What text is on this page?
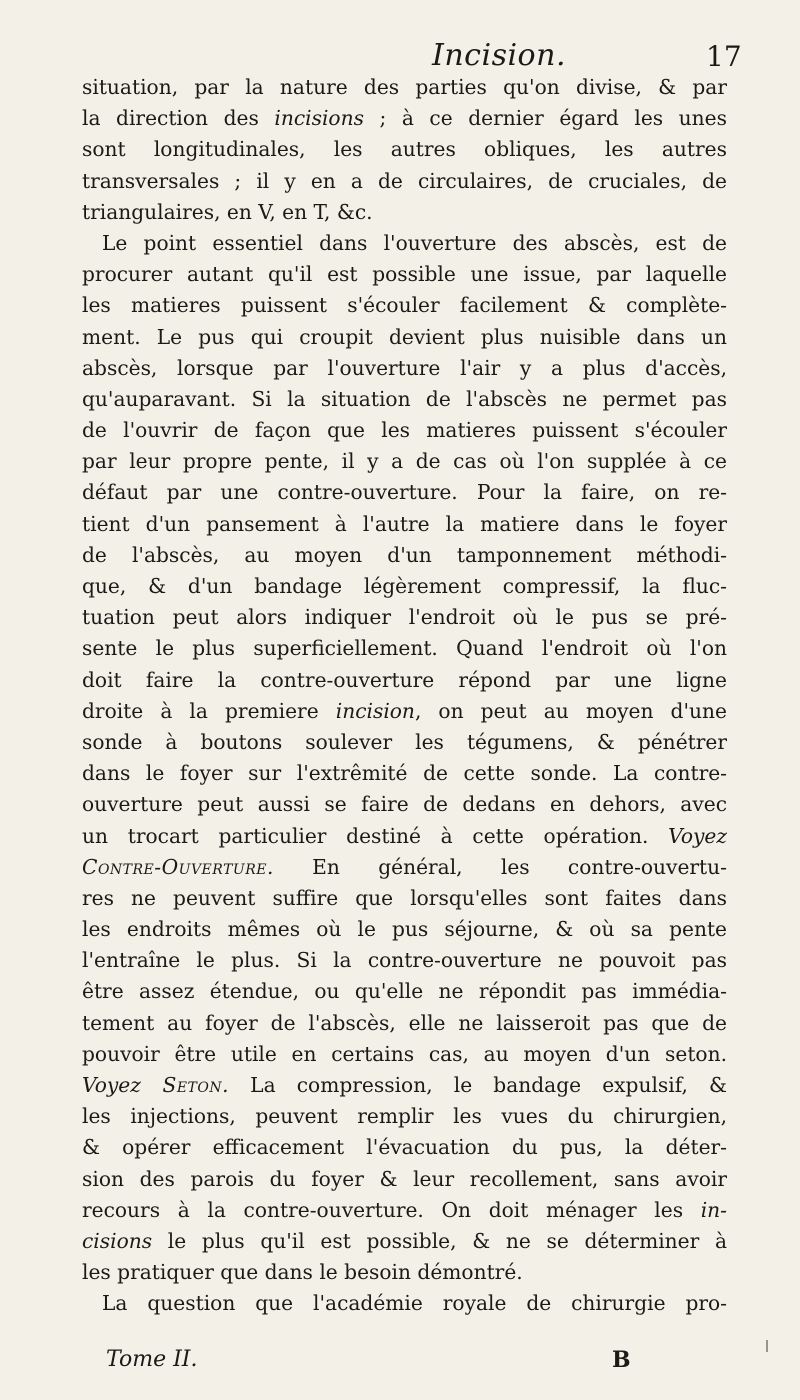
Incision.	17
situation, par la nature des parties qu'on divise, & par
la direction des incisions ; à ce dernier égard les unes
sont longitudinales, les autres obliques, les autres
transversales ; il y en a de circulaires, de cruciales, de
triangulaires, en V, en T, &c.
Le point essentiel dans l'ouverture des abscès, est de
procurer autant qu'il est possible une issue, par laquelle
les matieres puissent s'écouler facilement & complète-
ment. Le pus qui croupit devient plus nuisible dans un
abscès, lorsque par l'ouverture l'air y a plus d'accès,
qu'auparavant. Si la situation de l'abscès ne permet pas
de l'ouvrir de façon que les matieres puissent s'écouler
par leur propre pente, il y a de cas où l'on supplée à ce
défaut par une contre-ouverture. Pour la faire, on re-
tient d'un pansement à l'autre la matiere dans le foyer
de l'abscès, au moyen d'un tamponnement méthodi-
que, & d'un bandage légèrement compressif, la fluc-
tuation peut alors indiquer l'endroit où le pus se pré-
sente le plus superficiellement. Quand l'endroit où l'on
doit faire la contre-ouverture répond par une ligne
droite à la premiere incision, on peut au moyen d'une
sonde à boutons soulever les tégumens, & pénétrer
dans le foyer sur l'extrêmité de cette sonde. La contre-
ouverture peut aussi se faire de dedans en dehors, avec
un trocart particulier destiné à cette opération. Voyez
Contre-Ouverture. En général, les contre-ouvertu-
res ne peuvent suffire que lorsqu'elles sont faites dans
les endroits mêmes où le pus séjourne, & où sa pente
l'entraîne le plus. Si la contre-ouverture ne pouvoit pas
être assez étendue, ou qu'elle ne répondit pas immédia-
tement au foyer de l'abscès, elle ne laisseroit pas que de
pouvoir être utile en certains cas, au moyen d'un seton.
Voyez Seton. La compression, le bandage expulsif, &
les injections, peuvent remplir les vues du chirurgien,
& opérer efficacement l'évacuation du pus, la déter-
sion des parois du foyer & leur recollement, sans avoir
recours à la contre-ouverture. On doit ménager les in-
cisions le plus qu'il est possible, & ne se déterminer à
les pratiquer que dans le besoin démontré.
La question que l'académie royale de chirurgie pro-
Tome II.	B
